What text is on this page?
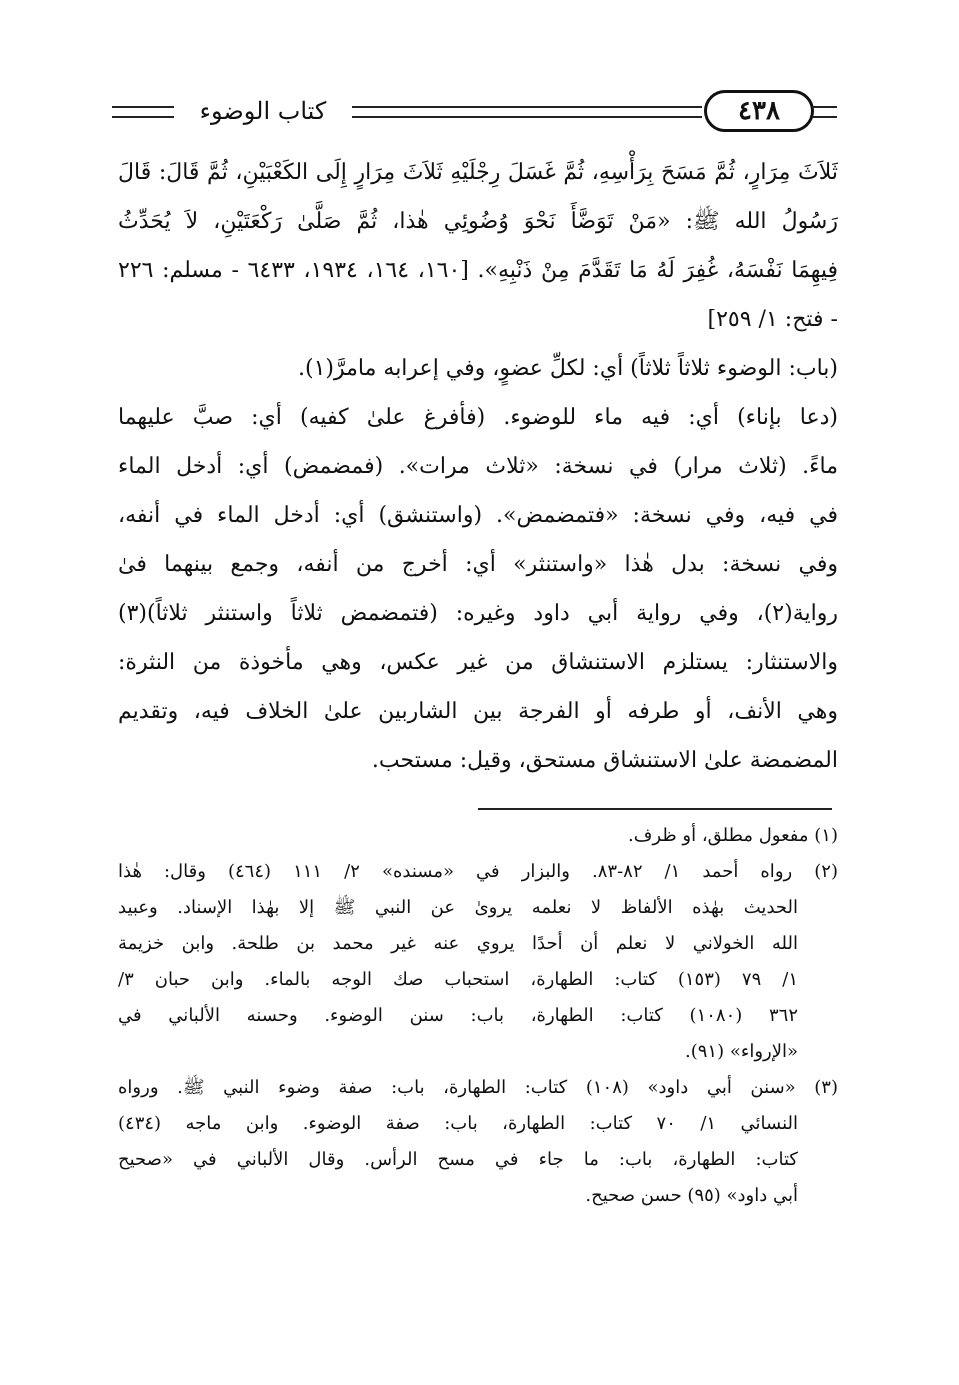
كتاب الوضوء	٤٣٨
ثَلاَثَ مِرَارٍ، ثُمَّ مَسَحَ بِرَأْسِهِ، ثُمَّ غَسَلَ رِجْلَيْهِ ثَلاَثَ مِرَارٍ إِلَى الكَعْبَيْنِ، ثُمَّ قَالَ: قَالَ
رَسُولُ الله ﷺ: «مَنْ تَوَضَّأَ نَحْوَ وُضُوئِي هٰذا، ثُمَّ صَلَّىٰ رَكْعَتَيْنِ، لاَ يُحَدِّثُ
فِيهِمَا نَفْسَهُ، غُفِرَ لَهُ مَا تَقَدَّمَ مِنْ ذَنْبِهِ». [١٦٠، ١٦٤، ١٩٣٤، ٦٤٣٣ - مسلم: ٢٢٦
- فتح: ١/ ٢٥٩]
(باب: الوضوء ثلاثاً ثلاثاً) أي: لكلِّ عضوٍ، وفي إعرابه مامرَّ(١).
(دعا بإناء) أي: فيه ماء للوضوء. (فأفرغ علىٰ كفيه) أي: صبَّ عليهما
ماءً. (ثلاث مرار) في نسخة: «ثلاث مرات». (فمضمض) أي: أدخل الماء
في فيه، وفي نسخة: «فتمضمض». (واستنشق) أي: أدخل الماء في أنفه،
وفي نسخة: بدل هٰذا «واستنثر» أي: أخرج من أنفه، وجمع بينهما فىٰ
رواية(٢)، وفي رواية أبي داود وغيره: (فتمضمض ثلاثاً واستنثر ثلاثاً)(٣)
والاستنثار: يستلزم الاستنشاق من غير عكس، وهي مأخوذة من النثرة:
وهي الأنف، أو طرفه أو الفرجة بين الشاربين علىٰ الخلاف فيه، وتقديم
المضمضة علىٰ الاستنشاق مستحق، وقيل: مستحب.
(١) مفعول مطلق، أو ظرف.
(٢) رواه أحمد ١/ ٨٢-٨٣. والبزار في «مسنده» ٢/ ١١١ (٤٦٤) وقال: هٰذا
الحديث بهٰذه الألفاظ لا نعلمه يروىٰ عن النبي ﷺ إلا بهٰذا الإسناد. وعبيد
الله الخولاني لا نعلم أن أحدًا يروي عنه غير محمد بن طلحة. وابن خزيمة
١/ ٧٩ (١٥٣) كتاب: الطهارة، استحباب صك الوجه بالماء. وابن حبان ٣/
٣٦٢ (١٠٨٠) كتاب: الطهارة، باب: سنن الوضوء. وحسنه الألباني في
«الإرواء» (٩١).
(٣) «سنن أبي داود» (١٠٨) كتاب: الطهارة، باب: صفة وضوء النبي ﷺ. ورواه
النسائي ١/ ٧٠ كتاب: الطهارة، باب: صفة الوضوء. وابن ماجه (٤٣٤)
كتاب: الطهارة، باب: ما جاء في مسح الرأس. وقال الألباني في «صحيح
أبي داود» (٩٥) حسن صحيح.
